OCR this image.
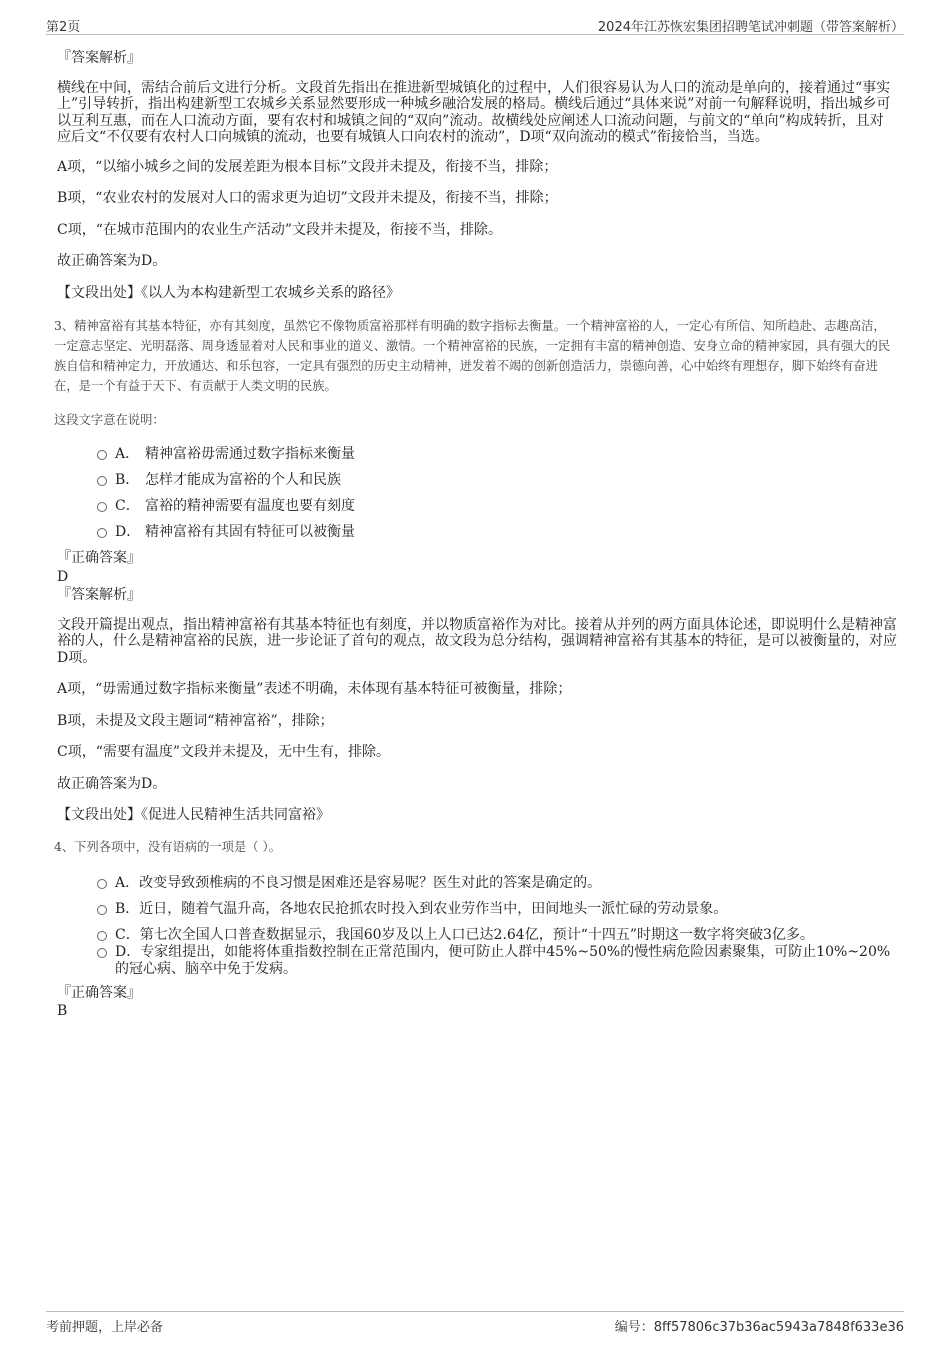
第2页	2024年江苏恢宏集团招聘笔试冲刺题（带答案解析）

『答案解析』

横线在中间，需结合前后文进行分析。文段首先指出在推进新型城镇化的过程中，人们很容易认为人口的流动是单向的，接着通过“事实上”引导转折，指出构建新型工农城乡关系显然要形成一种城乡融洽发展的格局。横线后通过“具体来说”对前一句解释说明，指出城乡可以互利互惠，而在人口流动方面，要有农村和城镇之间的“双向”流动。故横线处应阐述人口流动问题，与前文的“单向”构成转折，且对应后文“不仅要有农村人口向城镇的流动，也要有城镇人口向农村的流动”，D项“双向流动的模式”衔接恰当，当选。

A项，“以缩小城乡之间的发展差距为根本目标”文段并未提及，衔接不当，排除；

B项，“农业农村的发展对人口的需求更为迫切”文段并未提及，衔接不当，排除；

C项，“在城市范围内的农业生产活动”文段并未提及，衔接不当，排除。

故正确答案为D。

【文段出处】《以人为本构建新型工农城乡关系的路径》

3、精神富裕有其基本特征，亦有其刻度，虽然它不像物质富裕那样有明确的数字指标去衡量。一个精神富裕的人，一定心有所信、知所趋赴、志趣高洁，一定意志坚定、光明磊落、周身透显着对人民和事业的道义、激情。一个精神富裕的民族，一定拥有丰富的精神创造、安身立命的精神家园，具有强大的民族自信和精神定力，开放通达、和乐包容，一定具有强烈的历史主动精神，迸发着不竭的创新创造活力，崇德向善，心中始终有理想存，脚下始终有奋进在，是一个有益于天下、有贡献于人类文明的民族。

这段文字意在说明：

A． 精神富裕毋需通过数字指标来衡量
B． 怎样才能成为富裕的个人和民族
C． 富裕的精神需要有温度也要有刻度
D． 精神富裕有其固有特征可以被衡量

『正确答案』

D

『答案解析』

文段开篇提出观点，指出精神富裕有其基本特征也有刻度，并以物质富裕作为对比。接着从并列的两方面具体论述，即说明什么是精神富裕的人，什么是精神富裕的民族，进一步论证了首句的观点，故文段为总分结构，强调精神富裕有其基本的特征，是可以被衡量的，对应D项。

A项，“毋需通过数字指标来衡量”表述不明确，未体现有基本特征可被衡量，排除；

B项，未提及文段主题词“精神富裕”，排除；

C项，“需要有温度”文段并未提及，无中生有，排除。

故正确答案为D。

【文段出处】《促进人民精神生活共同富裕》

4、下列各项中，没有语病的一项是（ ）。

A．改变导致颈椎病的不良习惯是困难还是容易呢？医生对此的答案是确定的。
B．近日，随着气温升高，各地农民抢抓农时投入到农业劳作当中，田间地头一派忙碌的劳动景象。
C．第七次全国人口普查数据显示，我国60岁及以上人口已达2.64亿，预计“十四五”时期这一数字将突破3亿多。
D．专家组提出，如能将体重指数控制在正常范围内，便可防止人群中45%~50%的慢性病危险因素聚集，可防止10%~20%的冠心病、脑卒中免于发病。

『正确答案』

B

考前押题，上岸必备	编号：8ff57806c37b36ac5943a7848f633e36
